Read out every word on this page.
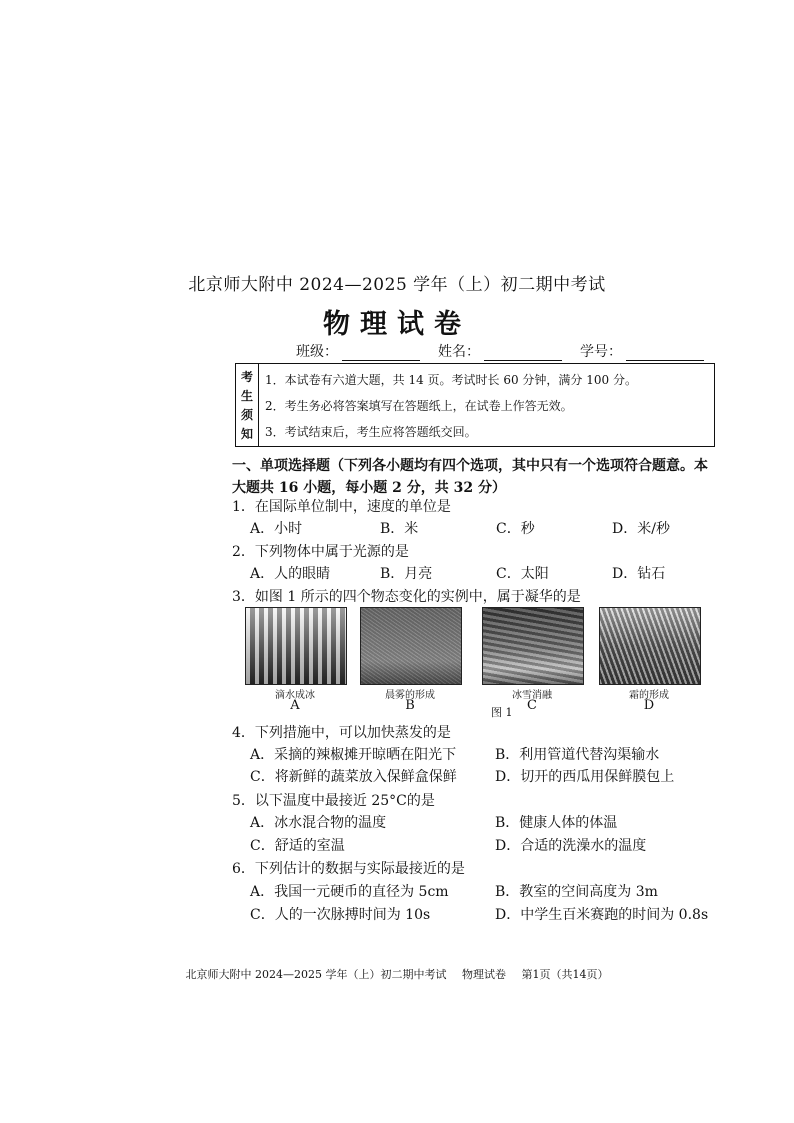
北京师大附中 2024—2025 学年（上）初二期中考试
物理试卷
班级：	姓名：	学号：
考
生
须
知
1．本试卷有六道大题，共 14 页。考试时长 60 分钟，满分 100 分。
2．考生务必将答案填写在答题纸上，在试卷上作答无效。
3．考试结束后，考生应将答题纸交回。
一、单项选择题（下列各小题均有四个选项，其中只有一个选项符合题意。本
大题共 16 小题，每小题 2 分，共 32 分）
1．在国际单位制中，速度的单位是
A．小时	B．米	C．秒	D．米/秒
2．下列物体中属于光源的是
A．人的眼睛	B．月亮	C．太阳	D．钻石
3．如图 1 所示的四个物态变化的实例中，属于凝华的是
滴水成冰	晨雾的形成	冰雪消融	霜的形成
A	B	C	D
图 1
4．下列措施中，可以加快蒸发的是
A．采摘的辣椒摊开晾晒在阳光下	B．利用管道代替沟渠输水
C．将新鲜的蔬菜放入保鲜盒保鲜	D．切开的西瓜用保鲜膜包上
5．以下温度中最接近 25°C的是
A．冰水混合物的温度	B．健康人体的体温
C．舒适的室温	D．合适的洗澡水的温度
6．下列估计的数据与实际最接近的是
A．我国一元硬币的直径为 5cm	B．教室的空间高度为 3m
C．人的一次脉搏时间为 10s	D．中学生百米赛跑的时间为 0.8s
北京师大附中 2024—2025 学年（上）初二期中考试 物理试卷 第1页（共14页）
